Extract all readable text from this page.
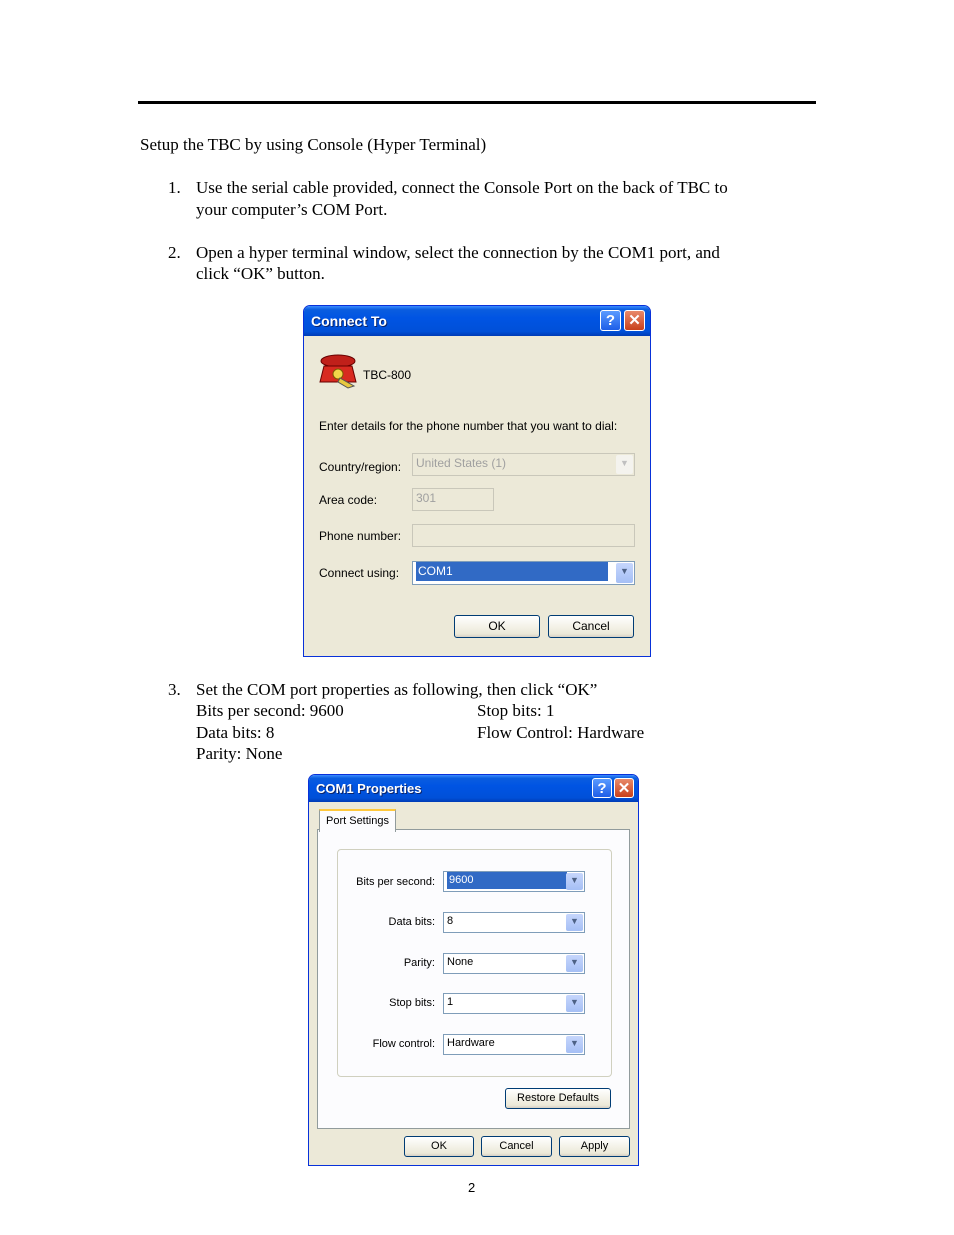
Setup the TBC by using Console (Hyper Terminal)
1. Use the serial cable provided, connect the Console Port on the back of TBC to
your computer’s COM Port.
2. Open a hyper terminal window, select the connection by the COM1 port, and
click “OK” button.
Connect To	? ✕
TBC-800
Enter details for the phone number that you want to dial:
Country/region:	United States (1)	▼
Area code:	301
Phone number:
Connect using:	COM1	▼
OK	Cancel
3. Set the COM port properties as following, then click “OK”
Bits per second: 9600	Stop bits: 1
Data bits: 8	Flow Control: Hardware
Parity: None
COM1 Properties	? ✕
Port Settings
Bits per second:	9600	▼
Data bits:	8	▼
Parity:	None	▼
Stop bits:	1	▼
Flow control:	Hardware	▼
Restore Defaults
OK	Cancel	Apply
2
